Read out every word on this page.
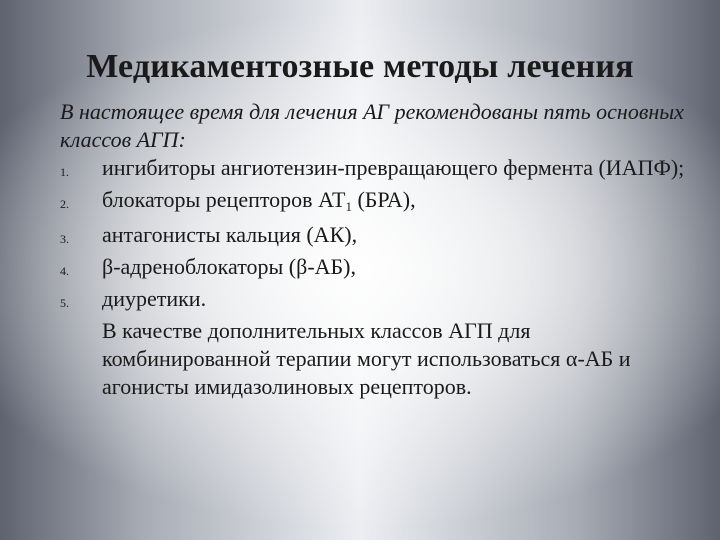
Медикаментозные методы лечения

В настоящее время для лечения АГ рекомендованы пять основных классов АГП:

1.	ингибиторы ангиотензин-превращающего фермента (ИАПФ);
2.	блокаторы рецепторов $АТ_1$ (БРА),
3.	антагонисты кальция (АК),
4.	β-адреноблокаторы (β-АБ),
5.	диуретики.
В качестве дополнительных классов АГП для комбинированной терапии могут использоваться α-АБ и агонисты имидазолиновых рецепторов.
